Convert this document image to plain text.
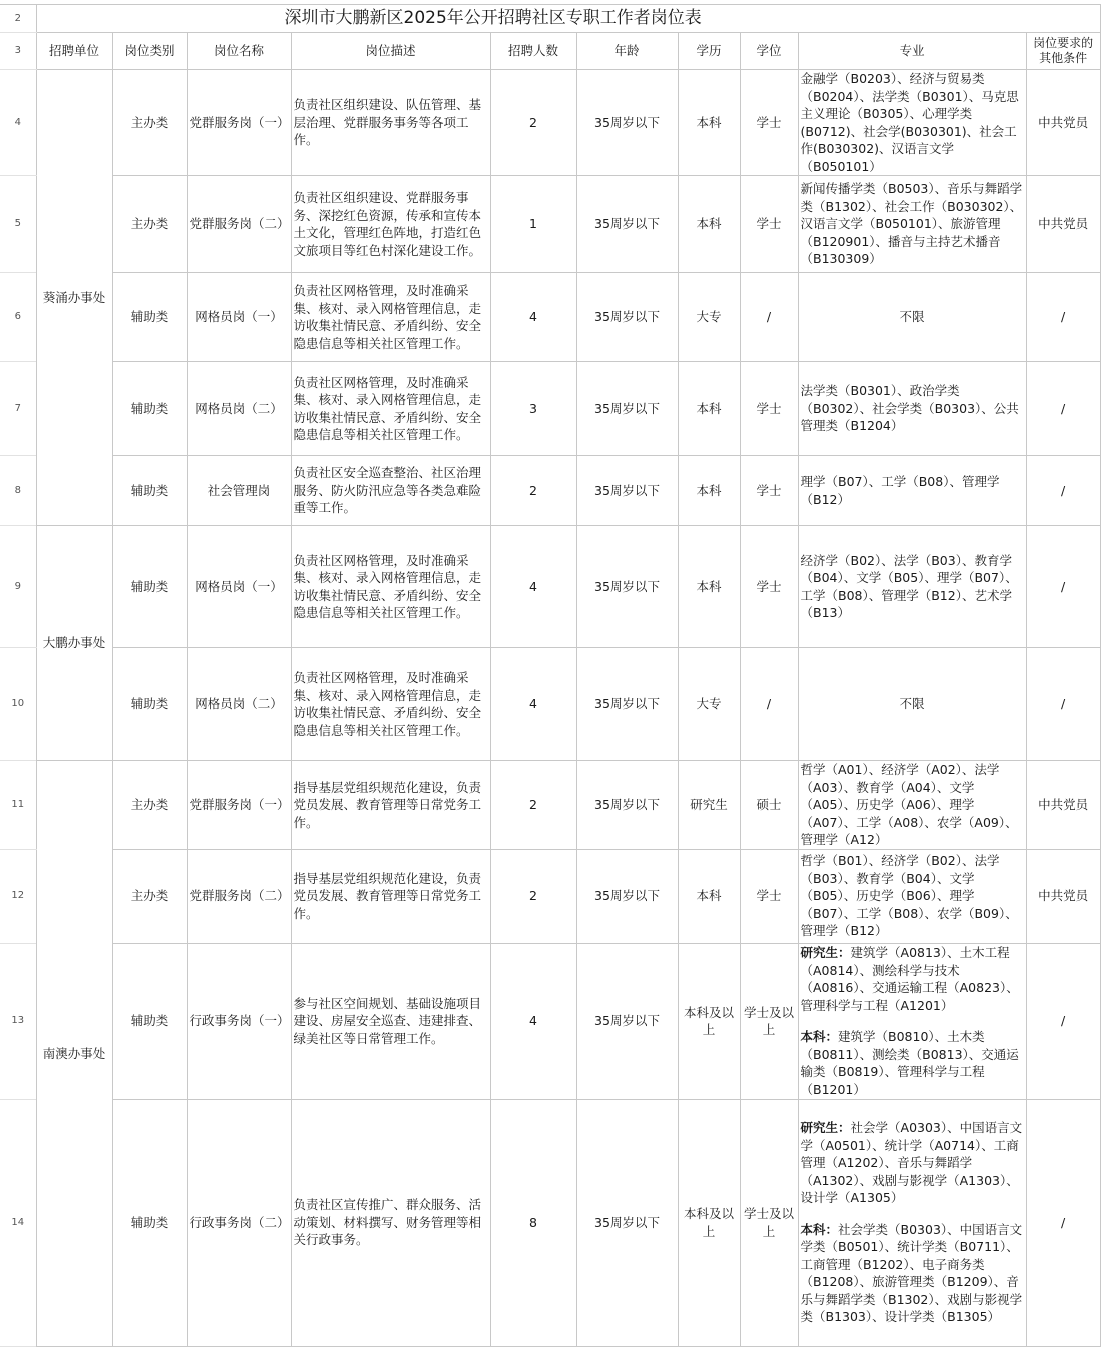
2	深圳市大鹏新区2025年公开招聘社区专职工作者岗位表									
3	招聘单位	岗位类别	岗位名称	岗位描述	招聘人数	年龄	学历	学位	专业	岗位要求的其他条件
4	葵涌办事处	主办类	党群服务岗（一）	负责社区组织建设、队伍管理、基层治理、党群服务事务等各项工作。	2	35周岁以下	本科	学士	金融学（B0203）、经济与贸易类（B0204）、法学类（B0301）、马克思主义理论（B0305）、心理学类(B0712)、社会学(B030301)、社会工作(B030302)、汉语言文学（B050101）	中共党员
5		主办类	党群服务岗（二）	负责社区组织建设、党群服务事务、深挖红色资源，传承和宣传本土文化，管理红色阵地，打造红色文旅项目等红色村深化建设工作。	1	35周岁以下	本科	学士	新闻传播学类（B0503）、音乐与舞蹈学类（B1302）、社会工作（B030302）、汉语言文学（B050101）、旅游管理（B120901）、播音与主持艺术播音（B130309）	中共党员
6		辅助类	网格员岗（一）	负责社区网格管理，及时准确采集、核对、录入网格管理信息，走访收集社情民意、矛盾纠纷、安全隐患信息等相关社区管理工作。	4	35周岁以下	大专	/	不限	/
7		辅助类	网格员岗（二）	负责社区网格管理，及时准确采集、核对、录入网格管理信息，走访收集社情民意、矛盾纠纷、安全隐患信息等相关社区管理工作。	3	35周岁以下	本科	学士	法学类（B0301）、政治学类（B0302）、社会学类（B0303）、公共管理类（B1204）	/
8		辅助类	社会管理岗	负责社区安全巡查整治、社区治理服务、防火防汛应急等各类急难险重等工作。	2	35周岁以下	本科	学士	理学（B07）、工学（B08）、管理学（B12）	/
9	大鹏办事处	辅助类	网格员岗（一）	负责社区网格管理，及时准确采集、核对、录入网格管理信息，走访收集社情民意、矛盾纠纷、安全隐患信息等相关社区管理工作。	4	35周岁以下	本科	学士	经济学（B02）、法学（B03）、教育学（B04）、文学（B05）、理学（B07）、工学（B08）、管理学（B12）、艺术学（B13）	/
10		辅助类	网格员岗（二）	负责社区网格管理，及时准确采集、核对、录入网格管理信息，走访收集社情民意、矛盾纠纷、安全隐患信息等相关社区管理工作。	4	35周岁以下	大专	/	不限	/
11	南澳办事处	主办类	党群服务岗（一）	指导基层党组织规范化建设，负责党员发展、教育管理等日常党务工作。	2	35周岁以下	研究生	硕士	哲学（A01）、经济学（A02）、法学（A03）、教育学（A04）、文学（A05）、历史学（A06）、理学（A07）、工学（A08）、农学（A09）、管理学（A12）	中共党员
12		主办类	党群服务岗（二）	指导基层党组织规范化建设，负责党员发展、教育管理等日常党务工作。	2	35周岁以下	本科	学士	哲学（B01）、经济学（B02）、法学（B03）、教育学（B04）、文学（B05）、历史学（B06）、理学（B07）、工学（B08）、农学（B09）、管理学（B12）	中共党员
13		辅助类	行政事务岗（一）	参与社区空间规划、基础设施项目建设、房屋安全巡查、违建排查、绿美社区等日常管理工作。	4	35周岁以下	本科及以上	学士及以上	研究生：建筑学（A0813）、土木工程（A0814）、测绘科学与技术（A0816）、交通运输工程（A0823）、管理科学与工程（A1201）
本科：建筑学（B0810）、土木类（B0811）、测绘类（B0813）、交通运输类（B0819）、管理科学与工程（B1201）	/
14		辅助类	行政事务岗（二）	负责社区宣传推广、群众服务、活动策划、材料撰写、财务管理等相关行政事务。	8	35周岁以下	本科及以上	学士及以上	研究生：社会学（A0303）、中国语言文学（A0501）、统计学（A0714）、工商管理（A1202）、音乐与舞蹈学（A1302）、戏剧与影视学（A1303）、设计学（A1305）
本科：社会学类（B0303）、中国语言文学类（B0501）、统计学类（B0711）、工商管理（B1202）、电子商务类（B1208）、旅游管理类（B1209）、音乐与舞蹈学类（B1302）、戏剧与影视学类（B1303）、设计学类（B1305）	/
